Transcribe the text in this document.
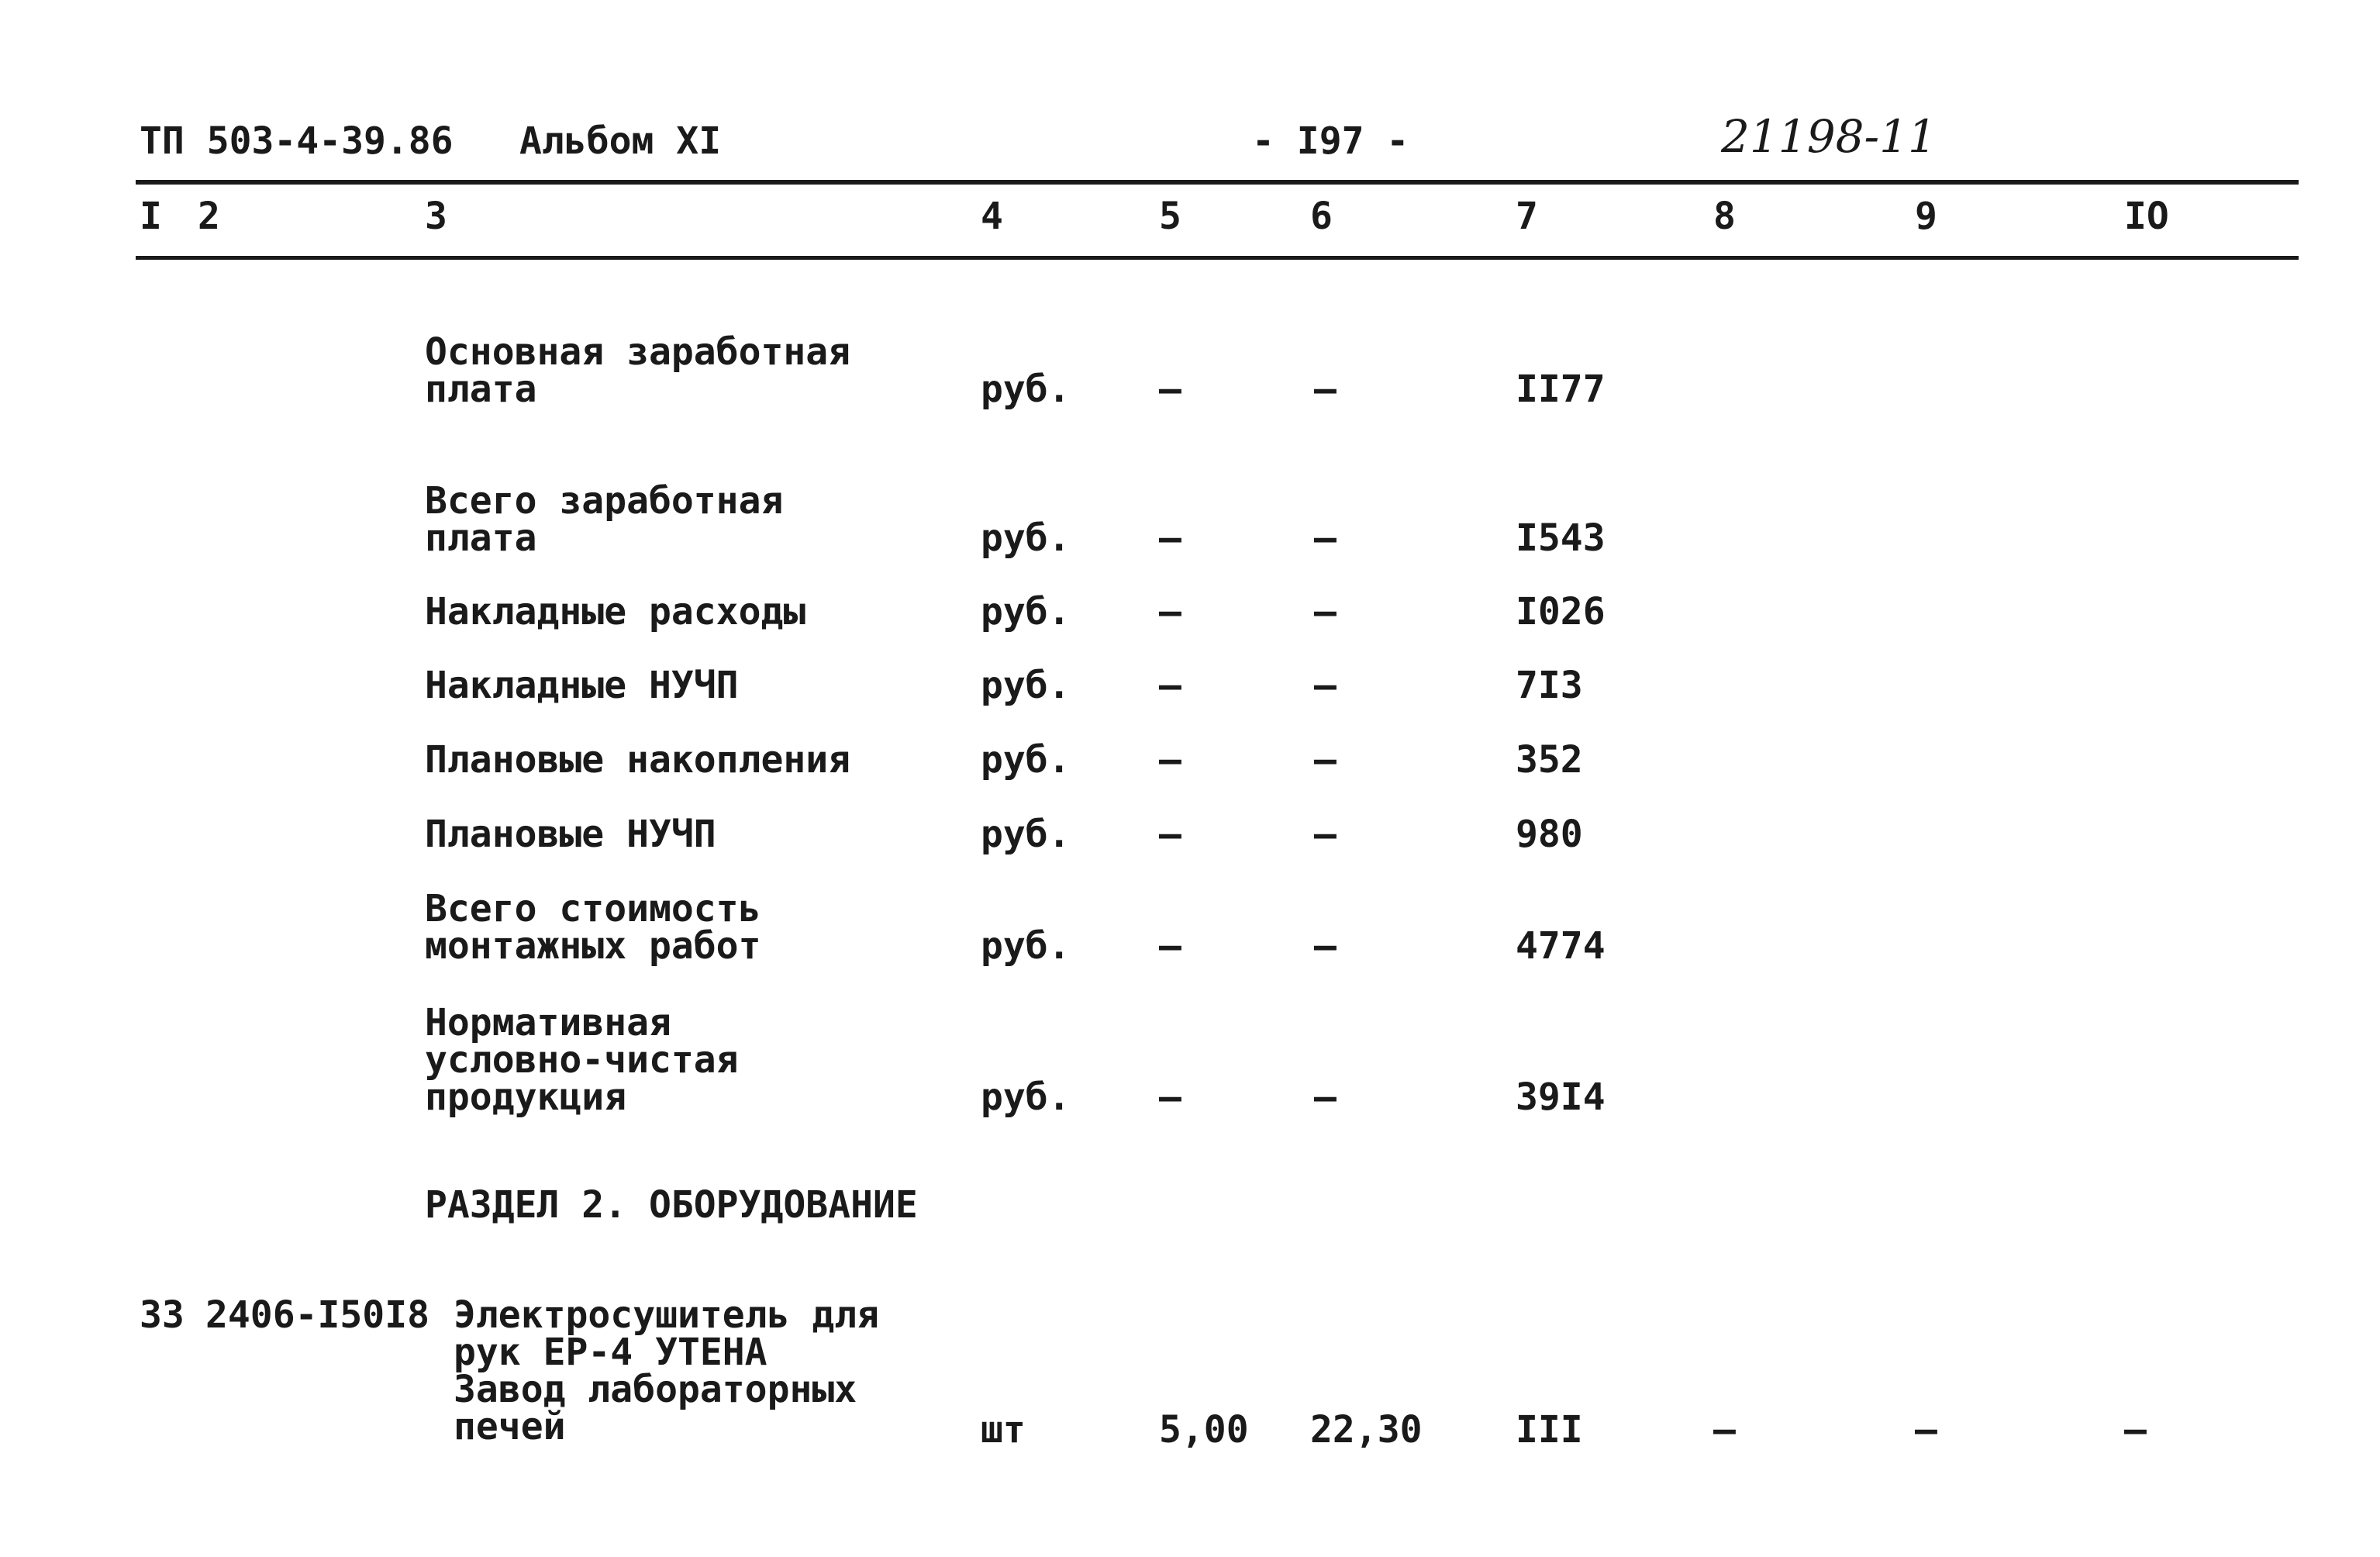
ТП 503-4-39.86 Альбом XI	- I97 -	21198-11
I 2	3	4	5	6	7	8	9	IO
Основная заработная
плата	руб. –	–	II77
Всего заработная
плата	руб. –	–	I543
Накладные расходы	руб. –	–	I026
Накладные НУЧП	руб. –	–	7I3
Плановые накопления	руб. –	–	352
Плановые НУЧП	руб. –	–	980
Всего стоимость
монтажных работ	руб. –	–	4774
Нормативная
условно-чистая
продукция	руб. –	–	39I4
РАЗДЕЛ 2. ОБОРУДОВАНИЕ
33 2406-I50I8 Электросушитель для
рук ЕР-4 УТЕНА
Завод лабораторных
печей	шт	5,00 22,30	III	–	–	–
